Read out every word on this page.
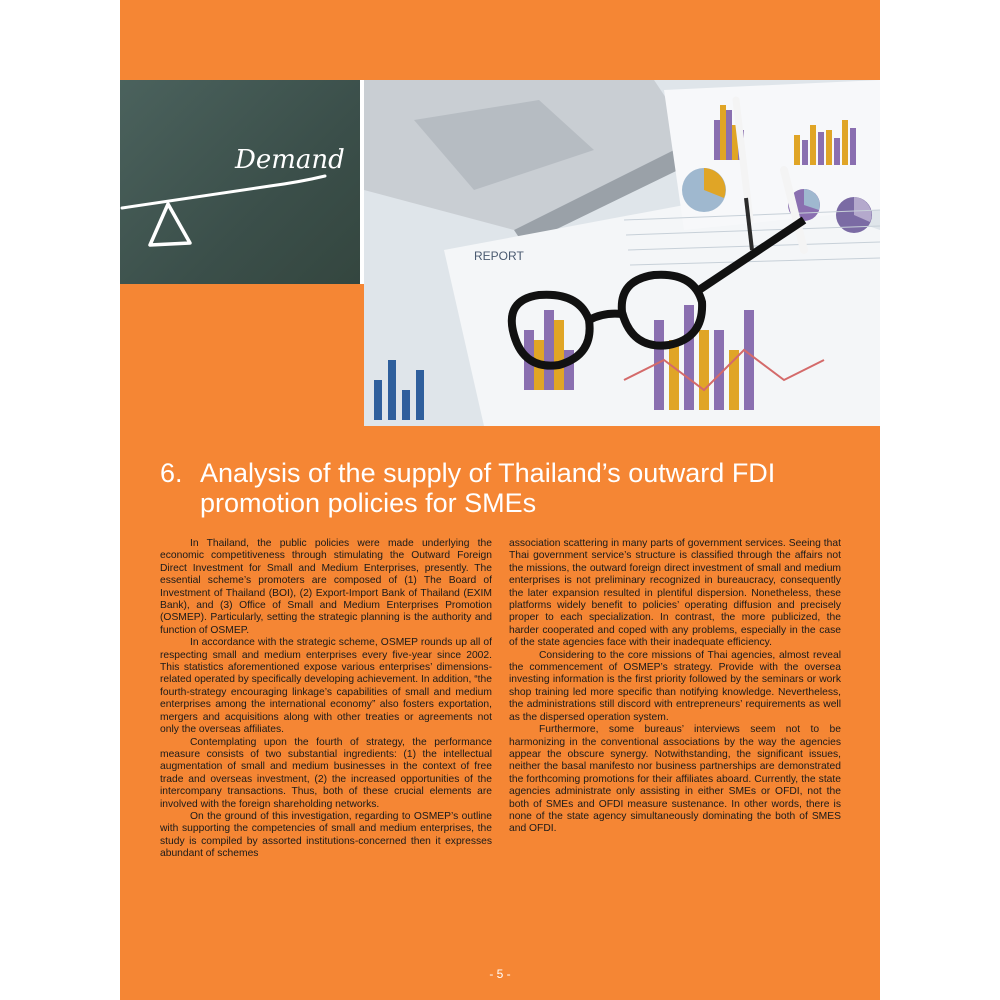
Demand
REPORT
6. Analysis of the supply of Thailand’s outward FDI
promotion policies for SMEs

In Thailand, the public policies were made underlying the economic competitiveness through stimulating the Outward Foreign Direct Investment for Small and Medium Enterprises, presently. The essential scheme’s promoters are composed of (1) The Board of Investment of Thailand (BOI), (2) Export-Import Bank of Thailand (EXIM Bank), and (3) Office of Small and Medium Enterprises Promotion (OSMEP). Particularly, setting the strategic planning is the authority and function of OSMEP.

In accordance with the strategic scheme, OSMEP rounds up all of respecting small and medium enterprises every five-year since 2002. This statistics aforementioned expose various enterprises’ dimensions-related operated by specifically developing achievement. In addition, “the fourth-strategy encouraging linkage’s capabilities of small and medium enterprises among the international economy” also fosters exportation, mergers and acquisitions along with other treaties or agreements not only the overseas affiliates.

Contemplating upon the fourth of strategy, the performance measure consists of two substantial ingredients: (1) the intellectual augmentation of small and medium businesses in the context of free trade and overseas investment, (2) the increased opportunities of the intercompany transactions. Thus, both of these crucial elements are involved with the foreign shareholding networks.

On the ground of this investigation, regarding to OSMEP’s outline with supporting the competencies of small and medium enterprises, the study is compiled by assorted institutions-concerned then it expresses abundant of schemes

association scattering in many parts of government services. Seeing that Thai government service’s structure is classified through the affairs not the missions, the outward foreign direct investment of small and medium enterprises is not preliminary recognized in bureaucracy, consequently the later expansion resulted in plentiful dispersion. Nonetheless, these platforms widely benefit to policies’ operating diffusion and precisely proper to each specialization. In contrast, the more publicized, the harder cooperated and coped with any problems, especially in the case of the state agencies face with their inadequate efficiency.

Considering to the core missions of Thai agencies, almost reveal the commencement of OSMEP’s strategy. Provide with the oversea investing information is the first priority followed by the seminars or work shop training led more specific than notifying knowledge. Nevertheless, the administrations still discord with entrepreneurs’ requirements as well as the dispersed operation system.

Furthermore, some bureaus’ interviews seem not to be harmonizing in the conventional associations by the way the agencies appear the obscure synergy. Notwithstanding, the significant issues, neither the basal manifesto nor business partnerships are demonstrated the forthcoming promotions for their affiliates aboard. Currently, the state agencies administrate only assisting in either SMEs or OFDI, not the both of SMEs and OFDI measure sustenance. In other words, there is none of the state agency simultaneously dominating the both of SMES and OFDI.

- 5 -
